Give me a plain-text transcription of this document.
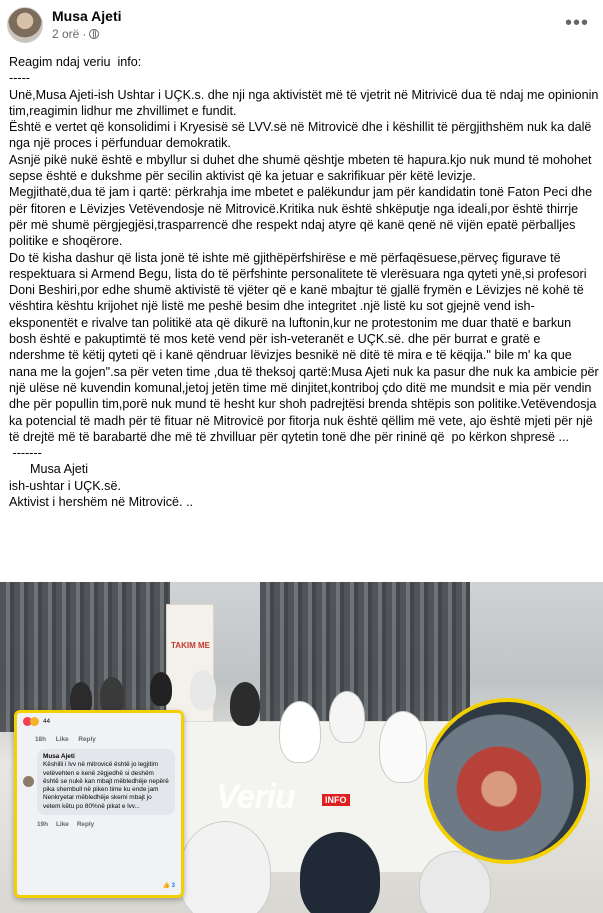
Musa Ajeti
2 orë ·	•••

Reagim ndaj veriu  info:

-----

Unë,Musa Ajeti-ish Ushtar i UÇK.s. dhe nji nga aktivistët më të vjetrit në Mitrivicë dua të ndaj me opinionin tim,reagimin lidhur me zhvillimet e fundit.

Është e vertet që konsolidimi i Kryesisë së LVV.së në Mitrovicë dhe i këshillit të përgjithshëm nuk ka dalë nga një proces i përfunduar demokratik.

Asnjë pikë nukë është e mbyllur si duhet dhe shumë qështje mbeten të hapura.kjo nuk mund të mohohet sepse është e dukshme për secilin aktivist që ka jetuar e sakrifikuar për këtë levizje.

Megjithatë,dua të jam i qartë: përkrahja ime mbetet e palëkundur jam për kandidatin tonë Faton Peci dhe për fitoren e Lëvizjes Vetëvendosje në Mitrovicë.Kritika nuk është shkëputje nga ideali,por është thirrje për më shumë përgjegjësi,trasparrencë dhe respekt ndaj atyre që kanë qenë në vijën epatë përballjes politike e shoqërore.

Do të kisha dashur që lista jonë të ishte më gjithëpërfshirëse e më përfaqësuese,përveç figurave të respektuara si Armend Begu, lista do të përfshinte personalitete të vlerësuara nga qyteti ynë,si profesori Doni Beshiri,por edhe shumë aktivistë të vjëter që e kanë mbajtur të gjallë frymën e Lëvizjes në kohë të vështira kështu krijohet një listë me peshë besim dhe integritet .një listë ku sot gjejnë vend ish-eksponentët e rivalve tan politikë ata që dikurë na luftonin,kur ne protestonim me duar thatë e barkun bosh është e pakuptimtë të mos ketë vend për ish-veteranët e UÇK.së. dhe për burrat e gratë e ndershme të këtij qyteti që i kanë qëndruar lëvizjes besnikë në ditë të mira e të këqija." bile m' ka que nana me la gojen".sa për veten time ,dua të theksoj qartë:Musa Ajeti nuk ka pasur dhe nuk ka ambicie për një ulëse në kuvendin komunal,jetoj jetën time më dinjitet,kontriboj çdo ditë me mundsit e mia për vendin dhe për popullin tim,porë nuk mund të hesht kur shoh padrejtësi brenda shtëpis son politike.Vetëvendosja ka potencial të madh për të fituar në Mitrovicë por fitorja nuk është qëllim më vete, ajo është mjeti për një të drejtë më të barabartë dhe më të zhvilluar për qytetin tonë dhe për rininë që  po kërkon shpresë ...

-------

Musa Ajeti

ish-ushtar i UÇK.së.

Aktivist i hershëm në Mitrovicë. ..

TAKIM ME
Veriu	INFO
44
18h Like Reply
Musa Ajeti
Këshilli i lvv në mitrovicë është jo legjitim vetëvehten e kenë zëgjedhë si deshëm është se nukë kan mbajt mëbledhëje nepërë pika shembull në piken time ku ende jam Nenkryetar mëbledhëje skemi mbajt jo vetem këtu po 80%në pikat e lvv...
19h Like Reply
👍 3
